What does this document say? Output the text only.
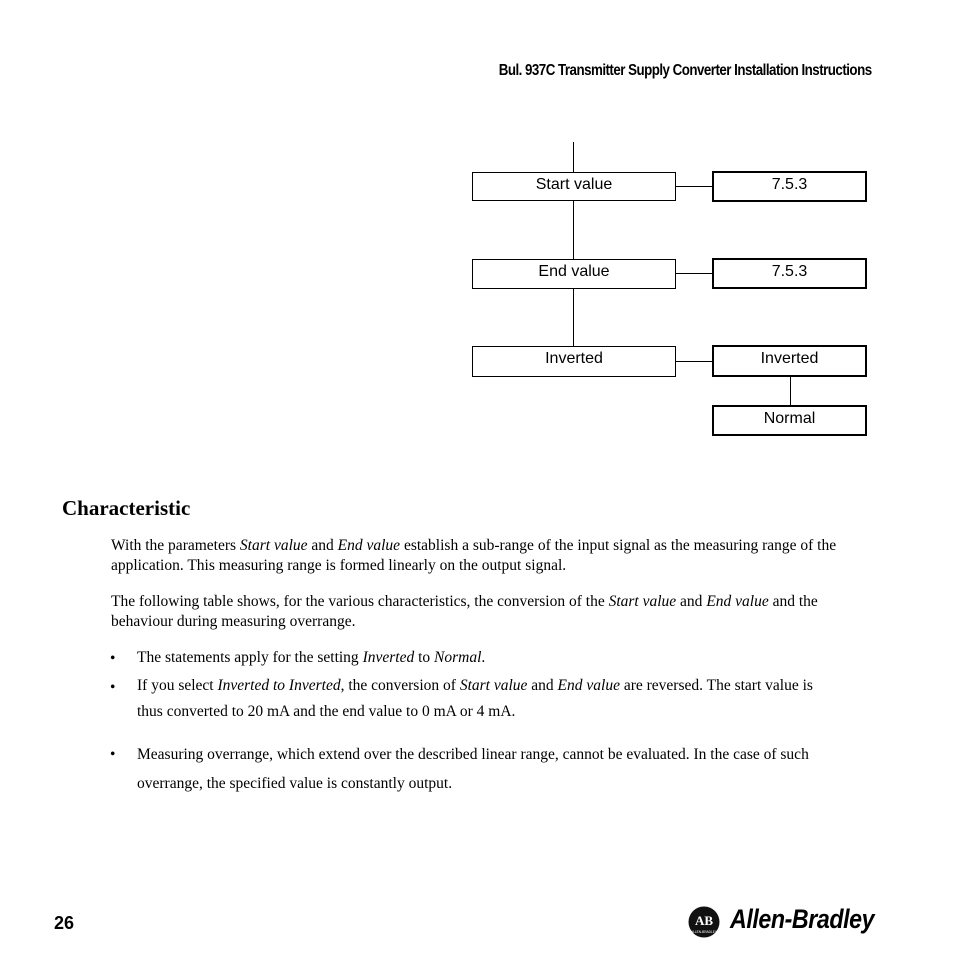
Bul. 937C Transmitter Supply Converter Installation Instructions
Start value	7.5.3
End value	7.5.3
Inverted	Inverted
Normal
Characteristic
With the parameters Start value and End value establish a sub-range of the input signal as the measuring range of the application. This measuring range is formed linearly on the output signal.
The following table shows, for the various characteristics, the conversion of the Start value and End value and the behaviour during measuring overrange.
• The statements apply for the setting Inverted to Normal.
• If you select Inverted to Inverted, the conversion of Start value and End value are reversed. The start value is thus converted to 20 mA and the end value to 0 mA or 4 mA.
• Measuring overrange, which extend over the described linear range, cannot be evaluated. In the case of such overrange, the specified value is constantly output.
26	AB
ALLEN-BRADLEY Allen-Bradley
